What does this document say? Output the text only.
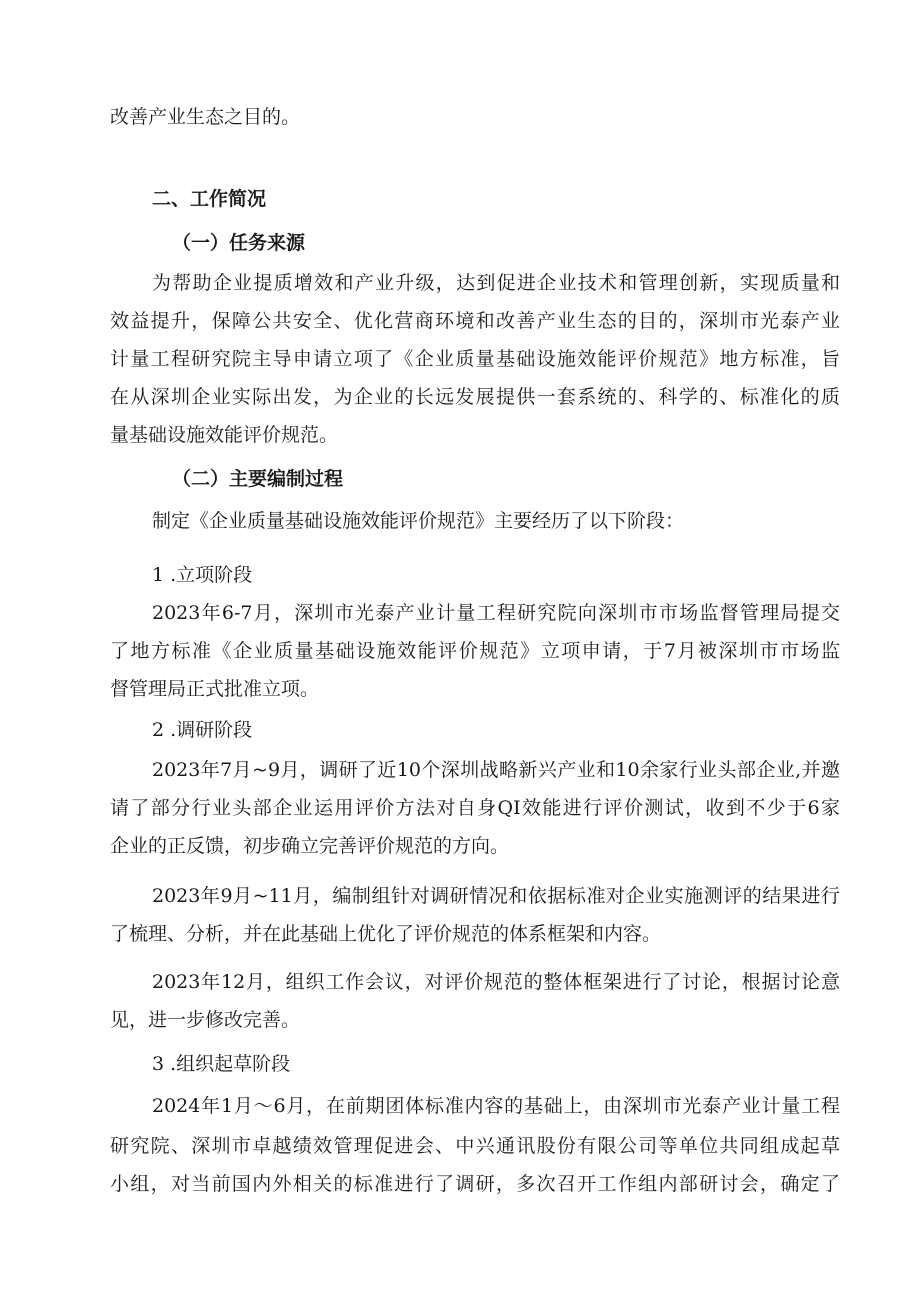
改善产业生态之目的。
二、工作简况
（一）任务来源
为帮助企业提质增效和产业升级，达到促进企业技术和管理创新，实现质量和
效益提升，保障公共安全、优化营商环境和改善产业生态的目的，深圳市光泰产业
计量工程研究院主导申请立项了《企业质量基础设施效能评价规范》地方标准，旨
在从深圳企业实际出发，为企业的长远发展提供一套系统的、科学的、标准化的质
量基础设施效能评价规范。
（二）主要编制过程
制定《企业质量基础设施效能评价规范》主要经历了以下阶段：
1 .立项阶段
2023年6-7月，深圳市光泰产业计量工程研究院向深圳市市场监督管理局提交
了地方标准《企业质量基础设施效能评价规范》立项申请，于7月被深圳市市场监
督管理局正式批准立项。
2 .调研阶段
2023年7月~9月，调研了近10个深圳战略新兴产业和10余家行业头部企业,并邀
请了部分行业头部企业运用评价方法对自身QI效能进行评价测试，收到不少于6家
企业的正反馈，初步确立完善评价规范的方向。
2023年9月~11月，编制组针对调研情况和依据标准对企业实施测评的结果进行
了梳理、分析，并在此基础上优化了评价规范的体系框架和内容。
2023年12月，组织工作会议，对评价规范的整体框架进行了讨论，根据讨论意
见，进一步修改完善。
3 .组织起草阶段
2024年1月～6月，在前期团体标准内容的基础上，由深圳市光泰产业计量工程
研究院、深圳市卓越绩效管理促进会、中兴通讯股份有限公司等单位共同组成起草
小组，对当前国内外相关的标准进行了调研，多次召开工作组内部研讨会，确定了
